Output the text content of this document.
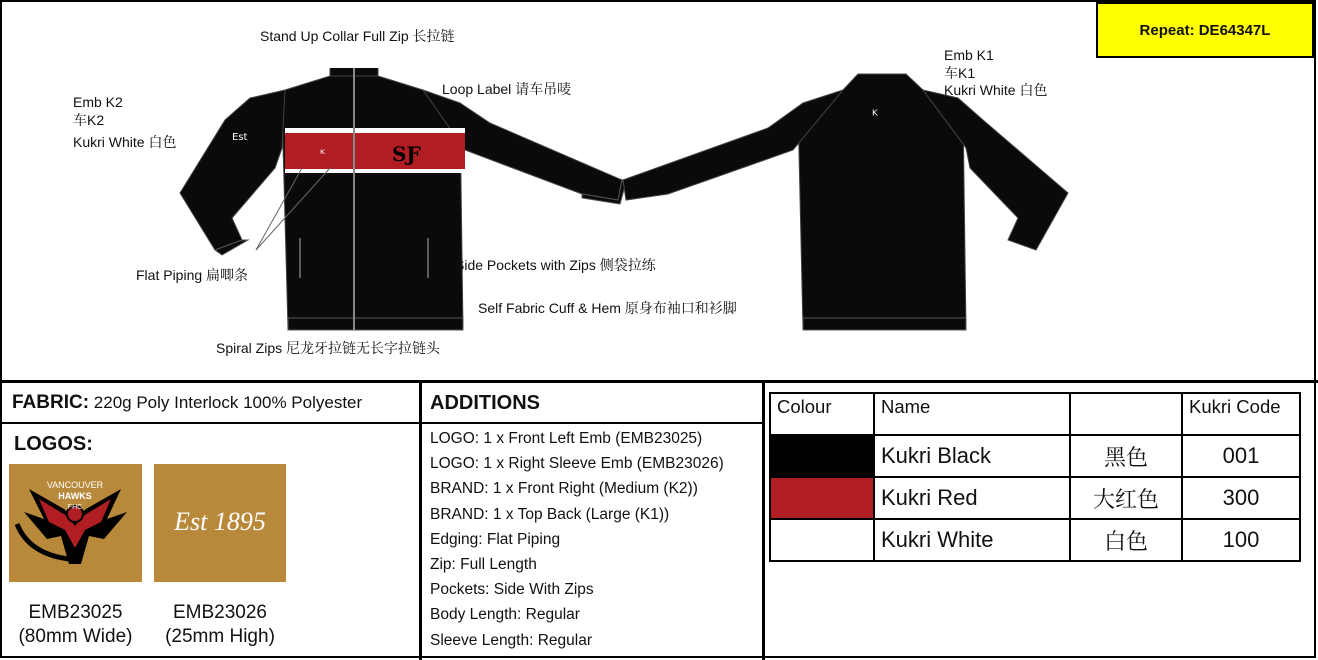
Repeat: DE64347L
ᴷ	ЅƑ
Est
ᴷ
Stand Up Collar Full Zip 长拉链
Loop Label 请车吊唛
Emb K2
车K2
Kukri White 白色
Flat Piping 扁唧条
Side Pockets with Zips 侧袋拉练
Self Fabric Cuff & Hem 原身布袖口和衫脚
Spiral Zips 尼龙牙拉链无长字拉链头
Emb K1
车K1
Kukri White 白色
FABRIC: 220g Poly Interlock 100% Polyester
LOGOS:
VANCOUVER
HAWKS
FHC	Est 1895
EMB23025
(80mm Wide)
EMB23026
(25mm High)
ADDITIONS
LOGO: 1 x Front Left Emb (EMB23025)
LOGO: 1 x Right Sleeve Emb (EMB23026)
BRAND: 1 x Front Right (Medium (K2))
BRAND: 1 x Top Back (Large (K1))
Edging: Flat Piping
Zip: Full Length
Pockets: Side With Zips
Body Length: Regular
Sleeve Length: Regular
Colour	Name		Kukri Code
	Kukri Black	黑色	001
	Kukri Red	大红色	300
	Kukri White	白色	100
